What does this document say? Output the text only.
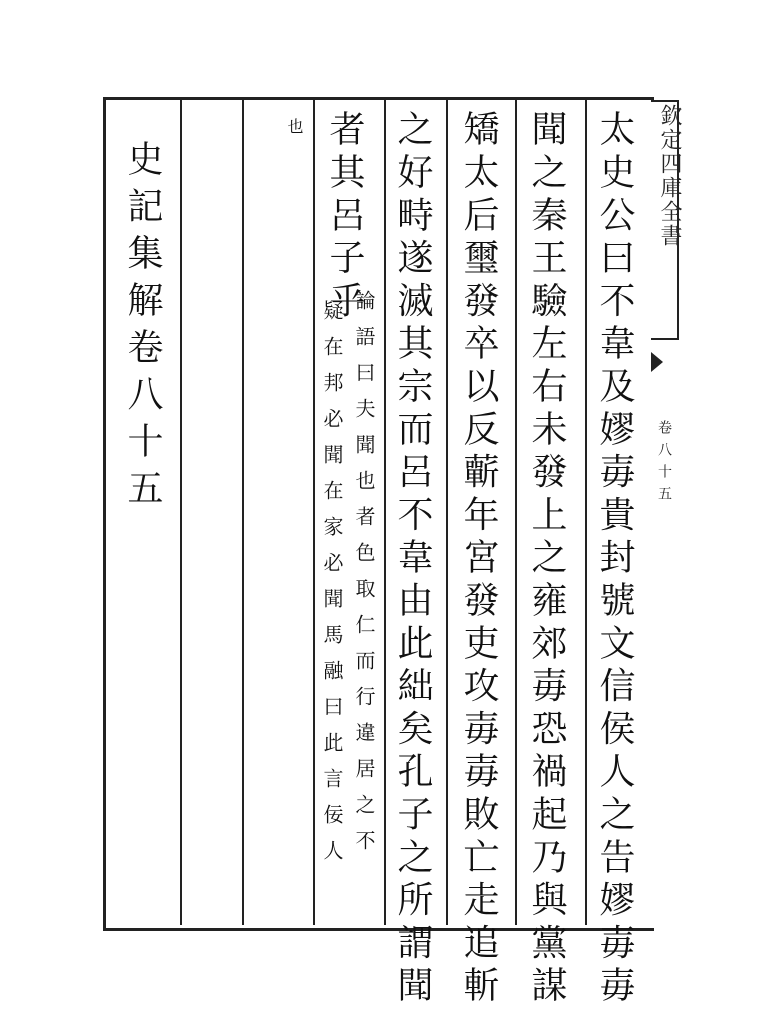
太史公曰不韋及嫪毐貴封號文信侯人之告嫪毐毐
聞之秦王驗左右未發上之雍郊毐恐禍起乃與黨謀
矯太后璽發卒以反蘄年宮發吏攻毐毐敗亡走追斬
之好畤遂滅其宗而呂不韋由此絀矣孔子之所謂聞
者其呂子乎
論語曰夫聞也者色取仁而行違居之不
疑在邦必聞在家必聞馬融曰此言佞人
也
史記集解卷八十五	欽定四庫全書
卷八十五
